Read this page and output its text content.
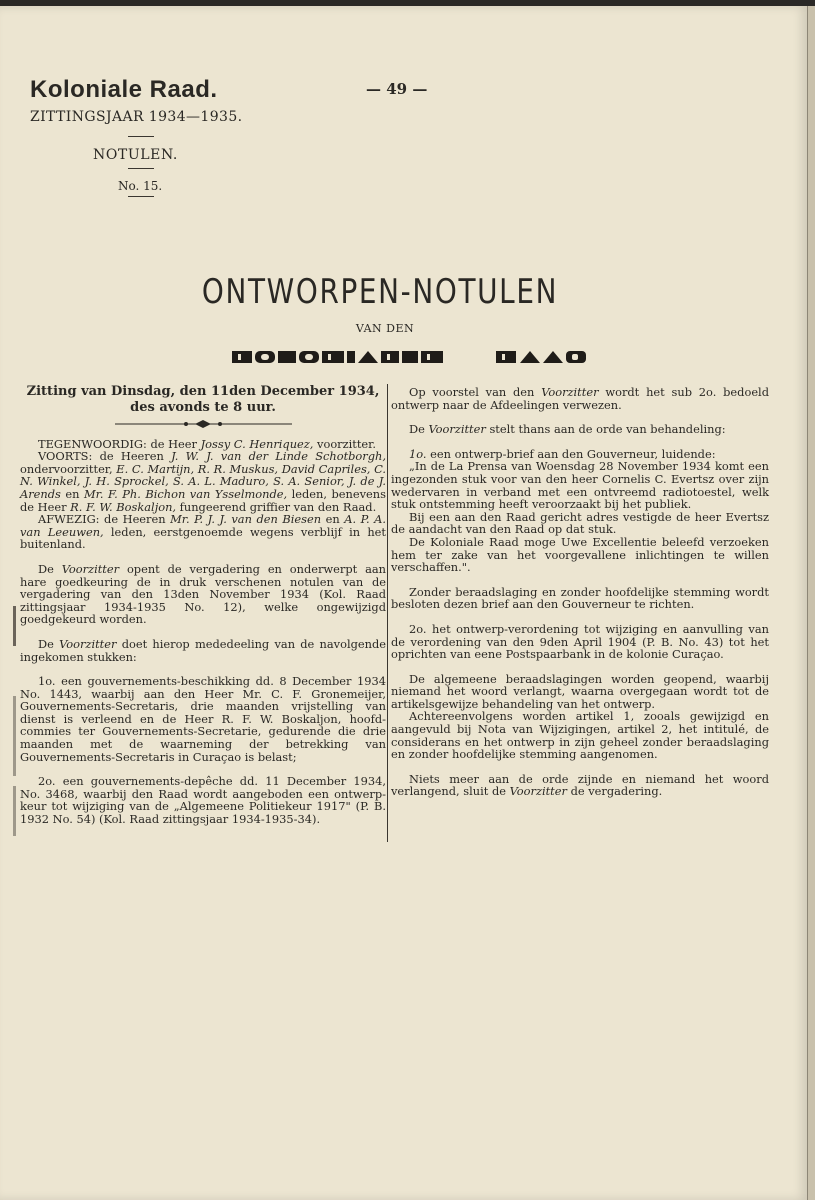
Koloniale Raad.
ZITTINGSJAAR 1934—1935.
— 49 —
NOTULEN.
No. 15.
ONTWORPEN-NOTULEN
VAN DEN
Zitting van Dinsdag, den 11den December 1934,
des avonds te 8 uur.

TEGENWOORDIG: de Heer Jossy C. Henriquez, voorzitter.

VOORTS: de Heeren J. W. J. van der Linde Schotborgh, ondervoorzitter, E. C. Martijn, R. R. Muskus, David Capriles, C. N. Winkel, J. H. Sprockel, S. A. L. Maduro, S. A. Senior, J. de J. Arends en Mr. F. Ph. Bichon van Ysselmonde, leden, benevens de Heer R. F. W. Boskaljon, fungeerend griffier van den Raad.

AFWEZIG: de Heeren Mr. P. J. J. van den Biesen en A. P. A. van Leeuwen, leden, eerstgenoemde wegens verblijf in het buitenland.

De Voorzitter opent de vergadering en onderwerpt aan hare goedkeuring de in druk verschenen notulen van de vergadering van den 13den November 1934 (Kol. Raad zittingsjaar 1934-1935 No. 12), welke ongewijzigd goedgekeurd worden.

De Voorzitter doet hierop mededeeling van de navolgende ingekomen stukken:

1o. een gouvernements-beschikking dd. 8 December 1934 No. 1443, waarbij aan den Heer Mr. C. F. Gronemeijer, Gouvernements-Secretaris, drie maanden vrijstelling van dienst is verleend en de Heer R. F. W. Boskaljon, hoofd-commies ter Gouvernements-Secretarie, gedurende die drie maanden met de waarneming der betrekking van Gouvernements-Secretaris in Curaçao is belast;

2o. een gouvernements-depêche dd. 11 December 1934, No. 3468, waarbij den Raad wordt aangeboden een ontwerp-keur tot wijziging van de „Algemeene Politiekeur 1917" (P. B. 1932 No. 54) (Kol. Raad zittingsjaar 1934-1935-34).

Op voorstel van den Voorzitter wordt het sub 2o. bedoeld ontwerp naar de Afdeelingen verwezen.

De Voorzitter stelt thans aan de orde van behandeling:

1o. een ontwerp-brief aan den Gouverneur, luidende:

„In de La Prensa van Woensdag 28 November 1934 komt een ingezonden stuk voor van den heer Cornelis C. Evertsz over zijn wedervaren in verband met een ontvreemd radiotoestel, welk stuk ontstemming heeft veroorzaakt bij het publiek.

Bij een aan den Raad gericht adres vestigde de heer Evertsz de aandacht van den Raad op dat stuk.

De Koloniale Raad moge Uwe Excellentie beleefd verzoeken hem ter zake van het voorgevallene inlichtingen te willen verschaffen.".

Zonder beraadslaging en zonder hoofdelijke stemming wordt besloten dezen brief aan den Gouverneur te richten.

2o. het ontwerp-verordening tot wijziging en aanvulling van de verordening van den 9den April 1904 (P. B. No. 43) tot het oprichten van eene Postspaarbank in de kolonie Curaçao.

De algemeene beraadslagingen worden geopend, waarbij niemand het woord verlangt, waarna overgegaan wordt tot de artikelsgewijze behandeling van het ontwerp.

Achtereenvolgens worden artikel 1, zooals gewijzigd en aangevuld bij Nota van Wijzigingen, artikel 2, het intitulé, de considerans en het ontwerp in zijn geheel zonder beraadslaging en zonder hoofdelijke stemming aangenomen.

Niets meer aan de orde zijnde en niemand het woord verlangend, sluit de Voorzitter de vergadering.
